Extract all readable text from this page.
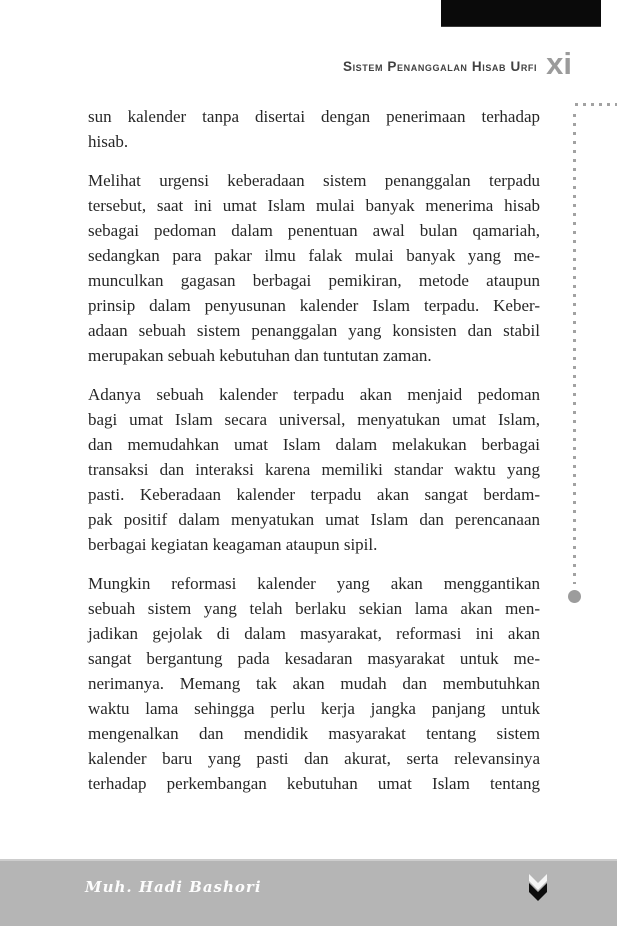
Sistem Penanggalan Hisab Urfi xi
sun kalender tanpa disertai dengan penerimaan terhadap
hisab.
Melihat urgensi keberadaan sistem penanggalan terpadu
tersebut, saat ini umat Islam mulai banyak menerima hisab
sebagai pedoman dalam penentuan awal bulan qamariah,
sedangkan para pakar ilmu falak mulai banyak yang me-
munculkan gagasan berbagai pemikiran, metode ataupun
prinsip dalam penyusunan kalender Islam terpadu. Keber-
adaan sebuah sistem penanggalan yang konsisten dan stabil
merupakan sebuah kebutuhan dan tuntutan zaman.
Adanya sebuah kalender terpadu akan menjaid pedoman
bagi umat Islam secara universal, menyatukan umat Islam,
dan memudahkan umat Islam dalam melakukan berbagai
transaksi dan interaksi karena memiliki standar waktu yang
pasti. Keberadaan kalender terpadu akan sangat berdam-
pak positif dalam menyatukan umat Islam dan perencanaan
berbagai kegiatan keagaman ataupun sipil.
Mungkin reformasi kalender yang akan menggantikan
sebuah sistem yang telah berlaku sekian lama akan men-
jadikan gejolak di dalam masyarakat, reformasi ini akan
sangat bergantung pada kesadaran masyarakat untuk me-
nerimanya. Memang tak akan mudah dan membutuhkan
waktu lama sehingga perlu kerja jangka panjang untuk
mengenalkan dan mendidik masyarakat tentang sistem
kalender baru yang pasti dan akurat, serta relevansinya
terhadap perkembangan kebutuhan umat Islam tentang
Muh. Hadi Bashori
